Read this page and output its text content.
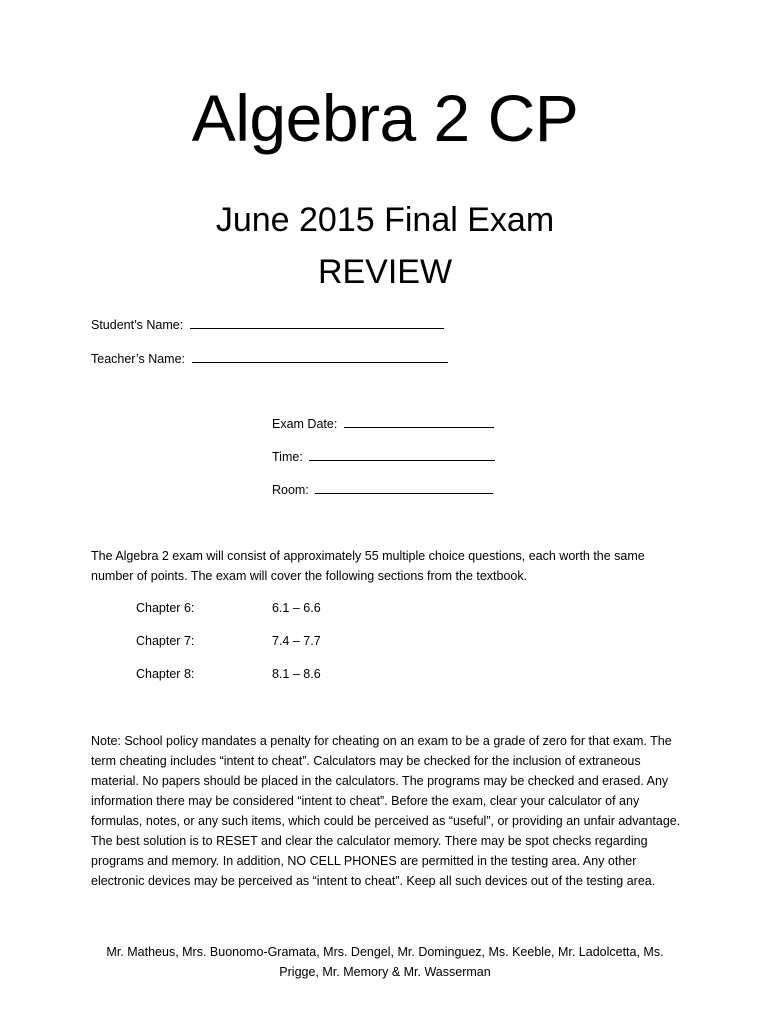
Algebra 2 CP
June 2015 Final Exam
REVIEW
Student’s Name:
Teacher’s Name:
Exam Date:
Time:
Room:
The Algebra 2 exam will consist of approximately 55 multiple choice questions, each worth the same number of points. The exam will cover the following sections from the textbook.
Chapter 6:	6.1 – 6.6
Chapter 7:	7.4 – 7.7
Chapter 8:	8.1 – 8.6
Note: School policy mandates a penalty for cheating on an exam to be a grade of zero for that exam. The term cheating includes “intent to cheat”. Calculators may be checked for the inclusion of extraneous material. No papers should be placed in the calculators. The programs may be checked and erased. Any information there may be considered “intent to cheat”. Before the exam, clear your calculator of any formulas, notes, or any such items, which could be perceived as “useful”, or providing an unfair advantage. The best solution is to RESET and clear the calculator memory. There may be spot checks regarding programs and memory. In addition, NO CELL PHONES are permitted in the testing area. Any other electronic devices may be perceived as “intent to cheat”. Keep all such devices out of the testing area.
Mr. Matheus, Mrs. Buonomo-Gramata, Mrs. Dengel, Mr. Dominguez, Ms. Keeble, Mr. Ladolcetta, Ms. Prigge, Mr. Memory & Mr. Wasserman
